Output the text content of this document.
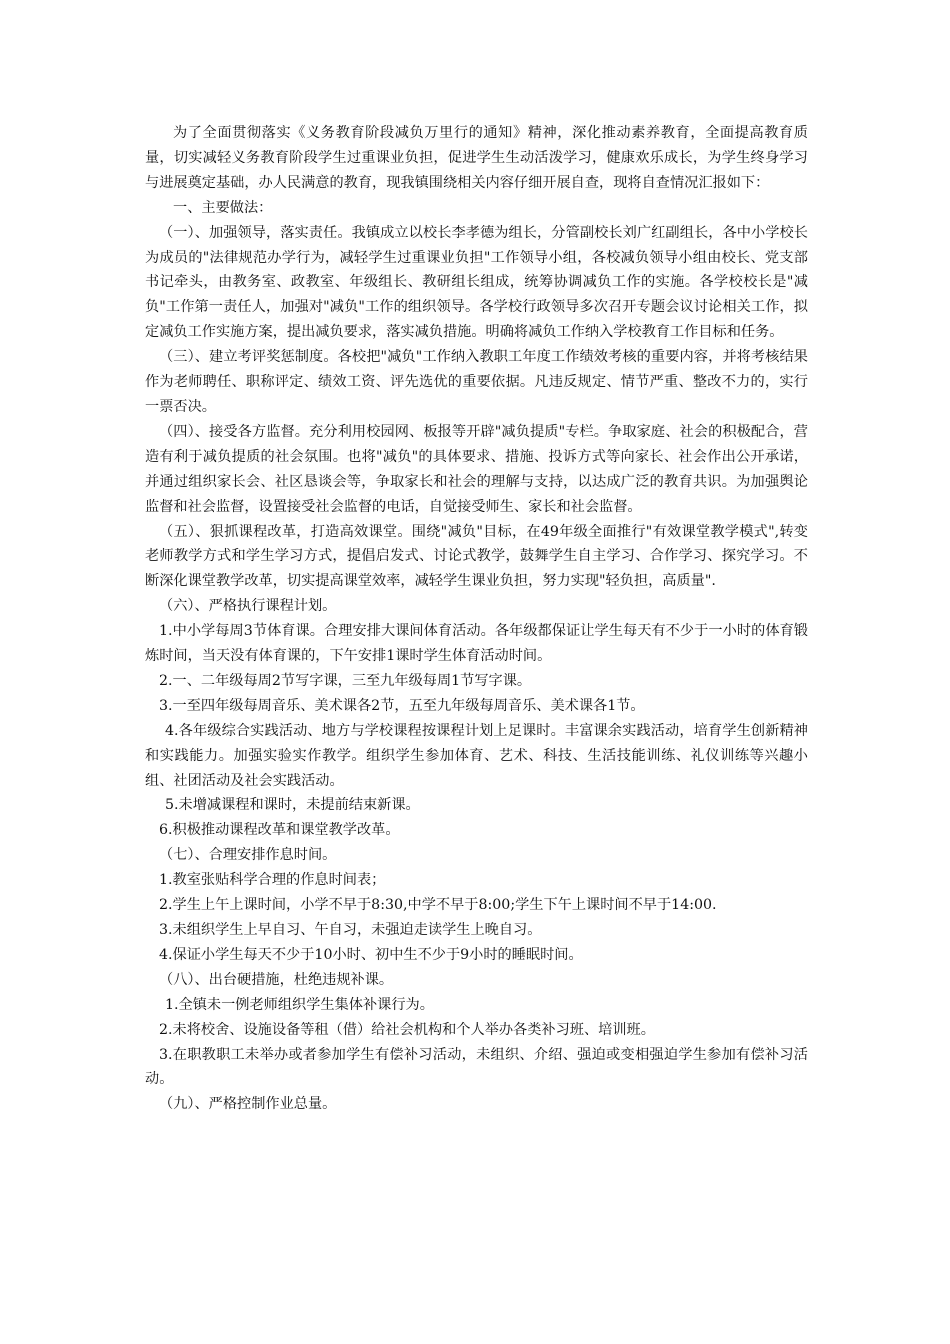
为了全面贯彻落实《义务教育阶段减负万里行的通知》精神，深化推动素养教育，全面提高教育质量，切实减轻义务教育阶段学生过重课业负担，促进学生生动活泼学习，健康欢乐成长，为学生终身学习与进展奠定基础，办人民满意的教育，现我镇围绕相关内容仔细开展自查，现将自查情况汇报如下：

一、主要做法：

（一）、加强领导，落实责任。我镇成立以校长李孝德为组长，分管副校长刘广红副组长，各中小学校长为成员的"法律规范办学行为，减轻学生过重课业负担"工作领导小组，各校减负领导小组由校长、党支部书记牵头，由教务室、政教室、年级组长、教研组长组成，统筹协调减负工作的实施。各学校校长是"减负"工作第一责任人，加强对"减负"工作的组织领导。各学校行政领导多次召开专题会议讨论相关工作，拟定减负工作实施方案，提出减负要求，落实减负措施。明确将减负工作纳入学校教育工作目标和任务。

（三）、建立考评奖惩制度。各校把"减负"工作纳入教职工年度工作绩效考核的重要内容，并将考核结果作为老师聘任、职称评定、绩效工资、评先选优的重要依据。凡违反规定、情节严重、整改不力的，实行一票否决。

（四）、接受各方监督。充分利用校园网、板报等开辟"减负提质"专栏。争取家庭、社会的积极配合，营造有利于减负提质的社会氛围。也将"减负"的具体要求、措施、投诉方式等向家长、社会作出公开承诺，并通过组织家长会、社区恳谈会等，争取家长和社会的理解与支持，以达成广泛的教育共识。为加强舆论监督和社会监督，设置接受社会监督的电话，自觉接受师生、家长和社会监督。

（五）、狠抓课程改革，打造高效课堂。围绕"减负"目标，在49年级全面推行"有效课堂教学模式",转变老师教学方式和学生学习方式，提倡启发式、讨论式教学，鼓舞学生自主学习、合作学习、探究学习。不断深化课堂教学改革，切实提高课堂效率，减轻学生课业负担，努力实现"轻负担，高质量".

（六）、严格执行课程计划。

1.中小学每周3节体育课。合理安排大课间体育活动。各年级都保证让学生每天有不少于一小时的体育锻炼时间，当天没有体育课的，下午安排1课时学生体育活动时间。

2.一、二年级每周2节写字课，三至九年级每周1节写字课。

3.一至四年级每周音乐、美术课各2节，五至九年级每周音乐、美术课各1节。

4.各年级综合实践活动、地方与学校课程按课程计划上足课时。丰富课余实践活动，培育学生创新精神和实践能力。加强实验实作教学。组织学生参加体育、艺术、科技、生活技能训练、礼仪训练等兴趣小组、社团活动及社会实践活动。

5.未增减课程和课时，未提前结束新课。

6.积极推动课程改革和课堂教学改革。

（七）、合理安排作息时间。

1.教室张贴科学合理的作息时间表；

2.学生上午上课时间，小学不早于8:30,中学不早于8:00;学生下午上课时间不早于14:00.

3.未组织学生上早自习、午自习，未强迫走读学生上晚自习。

4.保证小学生每天不少于10小时、初中生不少于9小时的睡眠时间。

（八）、出台硬措施，杜绝违规补课。

1.全镇未一例老师组织学生集体补课行为。

2.未将校舍、设施设备等租（借）给社会机构和个人举办各类补习班、培训班。

3.在职教职工未举办或者参加学生有偿补习活动，未组织、介绍、强迫或变相强迫学生参加有偿补习活动。

（九）、严格控制作业总量。
